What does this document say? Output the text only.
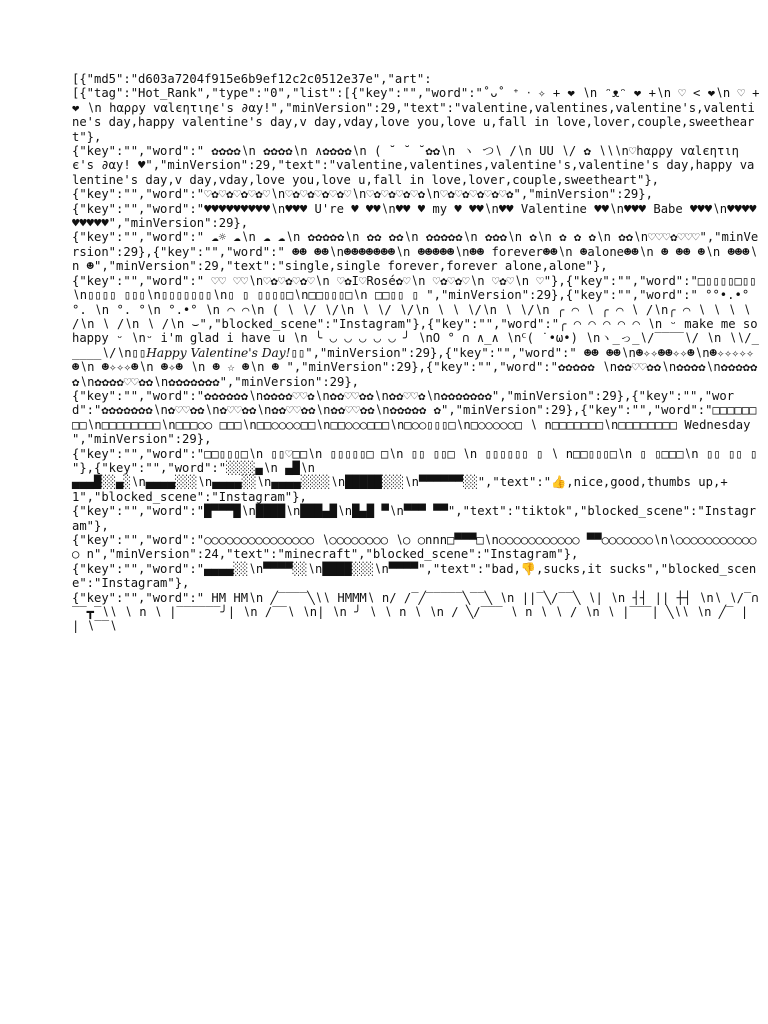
[{"md5":"d603a7204f915e6b9ef12c2c0512e37e","art":
[{"tag":"Hot_Rank","type":"0","list":[{"key":"","word":"˚ᴗ˚ ⁺ ‧ ✧ + ❤ ∖n ᵔᴥᵔ ❤ +∖n ♡ < ❤∖n ♡ + ❤ ∖n hαρρy vαlєητιηє's ∂αy!","minVersion":29,"text":"valentine,valentines,valentine's,valentine's day,happy valentine's day,v day,vday,love you,love u,fall in love,lover,couple,sweetheart"},
{"key":"","word":" ✿✿✿✿∖n ✿✿✿✿∖n ∧✿✿✿✿∖n ( ˘ ˘ ˘✿✿∖n ヽ つ∖ /∖n UU ∖/ ✿ ∖∖∖n♡hαρρy vαlєητιηє's ∂αy! ♥","minVersion":29,"text":"valentine,valentines,valentine's,valentine's day,happy valentine's day,v day,vday,love you,love u,fall in love,lover,couple,sweetheart"},
{"key":"","word":"♡✿♡✿♡✿♡✿♡∖n♡✿♡✿♡✿♡✿♡∖n♡✿♡✿♡✿♡✿∖n♡✿♡✿♡✿♡✿♡✿","minVersion":29},
{"key":"","word":"♥♥♥♥♥♥♥♥♥∖n♥♥♥ U're ♥ ♥♥∖n♥♥ ♥ my ♥ ♥♥∖n♥♥ Valentine ♥♥∖n♥♥♥ Babe ♥♥♥∖n♥♥♥♥♥♥♥♥♥","minVersion":29},
{"key":"","word":" ☁☼ ☁∖n ☁ ☁∖n ✿✿✿✿✿∖n ✿✿ ✿✿∖n ✿✿✿✿✿∖n ✿✿✿∖n ✿∖n ✿ ✿ ✿∖n ✿✿∖n♡♡♡✿♡♡♡","minVersion":29},{"key":"","word":" ☻☻ ☻☻∖n☻☻☻☻☻☻☻∖n ☻☻☻☻☻∖n☻☻ forever☻☻∖n ☻alone☻☻∖n ☻ ☻☻ ☻∖n ☻☻☻∖n ☻","minVersion":29,"text":"single,single forever,forever alone,alone"},
{"key":"","word":" ♡♡ ♡♡∖n♡✿♡✿♡✿♡∖n ♡✿I♡Rosé✿♡∖n ♡✿♡✿♡∖n ♡✿♡∖n ♡"},{"key":"","word":"□▯▯▯▯□▯▯∖n▯▯▯▯ ▯▯▯∖n▯▯▯▯▯▯▯∖n▯ ▯ ▯▯▯▯□∖n□□▯▯▯□∖n □□▯▯ ▯ ","minVersion":29},{"key":"","word":" °°•.•°°. ∖n °. °∖n °.•° ∖n ⌒ ⌒∖n ( ∖ ∖/ ∖/∖n ∖ ∖/ ∖/∖n ∖ ∖ ∖/∖n ∖ ∖/∖n ╭ ⌒ ∖ ╭ ⌒ ∖ /∖n╭ ⌒ ∖ ∖ ∖ ∖ /∖n ∖ /∖n ∖ /∖n ⌣","blocked_scene":"Instagram"},{"key":"","word":"╭ ◠ ◠ ◠ ◠ ◠ ∖n ᵕ make me so happy ᵕ ∖nᵕ i'm glad i have u ∖n ╰ ◡ ◡ ◡ ◡ ◡ ╯ ∖nO ° ∩ ∧_∧ ∖nᑦ( ˙•ω•) ∖nヽ_っ_∖/‾‾‾‾∖/ ∖n ∖∖/_____∖/∖n▯▯Happy Valentine's Day!▯▯","minVersion":29},{"key":"","word":" ☻☻ ☻☻∖n☻✧✧☻☻✧✧☻∖n☻✧✧✧✧✧☻∖n ☻✧✧✧☻∖n ☻✧☻ ∖n ☻ ☆ ☻∖n ☻ ","minVersion":29},{"key":"","word":"✿✿✿✿✿ ∖n✿✿♡♡✿✿∖n✿✿✿✿∖n✿✿✿✿✿✿∖n✿✿✿✿♡♡✿✿∖n✿✿✿✿✿✿✿","minVersion":29},
{"key":"","word":"✿✿✿✿✿✿∖n✿✿✿✿♡♡✿∖n✿✿♡♡✿✿∖n✿✿♡♡✿∖n✿✿✿✿✿✿✿","minVersion":29},{"key":"","word":"✿✿✿✿✿✿✿∖n✿♡♡✿✿∖n✿♡♡✿✿∖n✿✿♡♡✿✿∖n✿✿♡♡✿✿∖n✿✿✿✿✿ ✿","minVersion":29},{"key":"","word":"□□□□□□□□∖n□□□□□□□□∖n□□□○○ □□□∖n□□○○○○□□∖n□□○○○□□□∖n□○○▯▯▯□∖n□○○○○○□ ∖ n□□□□□□□∖n□□□□□□□□ Wednesday ","minVersion":29},
{"key":"","word":"□□▯▯▯□∖n ▯▯♡□□∖n ▯▯▯▯▯□ □∖n ▯▯ ▯▯□ ∖n ▯▯▯▯▯▯ ▯ ∖ n□□▯▯▯□∖n ▯ ▯□□□∖n ▯▯ ▯▯ ▯ "},{"key":"","word":"░░░░▄∖n ▄█∖n
▄▄▄█░░▄░∖n▄▄▄▄░░░∖n▄▄▄▄░░∖n▄▄▄▄░░░░∖n█████░░░∖n▀▀▀▀▀▀░░","text":"👍,nice,good,thumbs up,+1","blocked_scene":"Instagram"},
{"key":"","word":"█▀▀▀█∖n████∖n███▄█∖n█▄█ ▀∖n▀▀▀ ▀▀","text":"tiktok","blocked_scene":"Instagram"},
{"key":"","word":"○○○○○○○○○○○○○○○ ∖○○○○○○○○ ∖○ ○nnn□▀▀▀□∖n○○○○○○○○○○○ ▀▀○○○○○○○∖n∖○○○○○○○○○○○○ n","minVersion":24,"text":"minecraft","blocked_scene":"Instagram"},
{"key":"","word":"▄▄▄▄░░∖n▀▀▀▀░░∖n████░░░∖n▀▀▀▀","text":"bad,👎,sucks,it sucks","blocked_scene":"Instagram"},
{"key":"","word":" HM HM∖n ╱‾‾‾‾╲∖∖ HMMM∖ n/ /‾╱‾‾‾‾‾╲‾‾╲ ∖n ||‾╲/‾‾╲ ∖| ∖n ┤┤ || ┼┤ ∖n∖ ∖/‾∩‾‾┳‾∖∖ ∖ n ∖ |‾‾‾‾‾‾╯| ∖n ∕‾‾∖ ∖n| ∖n ╯ ∖ ∖ n ∖ ∖n ∕ ╲∕‾‾‾ ∖ n ∖ ∖ / ∖n ∖ |‾‾‾| ╲∖∖ ∖n ╱‾ | | ∖‾‾∖
